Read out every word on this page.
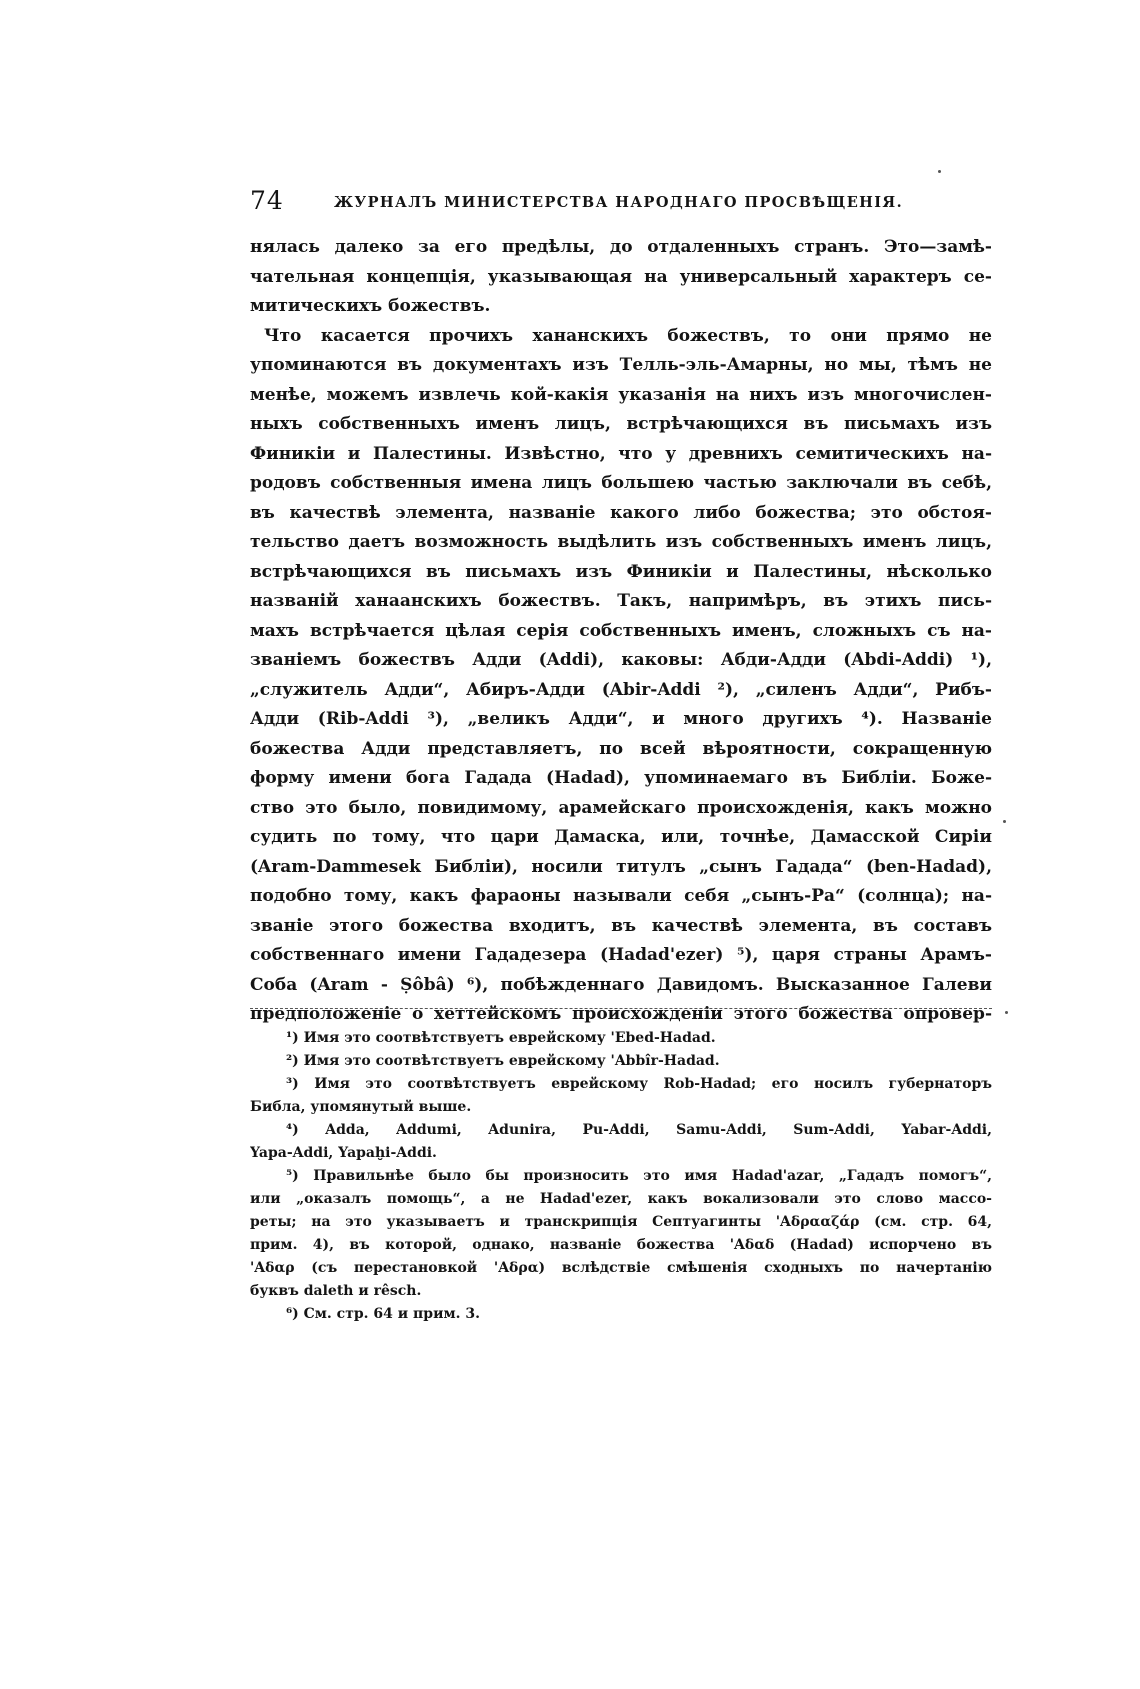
74	ЖУРНАЛЪ МИНИСТЕРСТВА НАРОДНАГО ПРОСВѢЩЕНІЯ.
нялась далеко за его предѣлы, до отдаленныхъ странъ. Это—замѣ-
чательная концепція, указывающая на универсальный характеръ се-
митическихъ божествъ.
Что касается прочихъ хананскихъ божествъ, то они прямо не
упоминаются въ документахъ изъ Телль-эль-Амарны, но мы, тѣмъ не
менѣе, можемъ извлечь кой-какія указанія на нихъ изъ многочислен-
ныхъ собственныхъ именъ лицъ, встрѣчающихся въ письмахъ изъ
Финикіи и Палестины. Извѣстно, что у древнихъ семитическихъ на-
родовъ собственныя имена лицъ большею частью заключали въ себѣ,
въ качествѣ элемента, названіе какого либо божества; это обстоя-
тельство даетъ возможность выдѣлить изъ собственныхъ именъ лицъ,
встрѣчающихся въ письмахъ изъ Финикіи и Палестины, нѣсколько
названій ханаанскихъ божествъ. Такъ, напримѣръ, въ этихъ пись-
махъ встрѣчается цѣлая серія собственныхъ именъ, сложныхъ съ на-
званіемъ божествъ Адди (Addi), каковы: Абди-Адди (Abdi-Addi) ¹),
„служитель Адди“, Абиръ-Адди (Abir-Addi ²), „силенъ Адди“, Рибъ-
Адди (Rib-Addi ³), „великъ Адди“, и много другихъ ⁴). Названіе
божества Адди представляетъ, по всей вѣроятности, сокращенную
форму имени бога Гадада (Hadad), упоминаемаго въ Библіи. Боже-
ство это было, повидимому, арамейскаго происхожденія, какъ можно
судить по тому, что цари Дамаска, или, точнѣе, Дамасской Сиріи
(Aram-Dammesek Библіи), носили титулъ „сынъ Гадада“ (ben-Hadad),
подобно тому, какъ фараоны называли себя „сынъ-Ра“ (солнца); на-
званіе этого божества входитъ, въ качествѣ элемента, въ составъ
собственнаго имени Гададезера (Hadad'ezer) ⁵), царя страны Арамъ-
Соба (Aram - Ṣôbâ) ⁶), побѣжденнаго Давидомъ. Высказанное Галеви
предположеніе о хеттейскомъ происхожденіи этого божества опровер-
¹) Имя это соотвѣтствуетъ еврейскому 'Ebed-Hadad.
²) Имя это соотвѣтствуетъ еврейскому 'Abbîr-Hadad.
³) Имя это соотвѣтствуетъ еврейскому Rob-Hadad; его носилъ губернаторъ
Библа, упомянутый выше.
⁴) Adda, Addumi, Adunira, Pu-Addi, Samu-Addi, Sum-Addi, Yabar-Addi,
Yapa-Addi, Yapaḫi-Addi.
⁵) Правильнѣе было бы произносить это имя Hadad'azar, „Гададъ помогъ“,
или „оказалъ помощь“, а не Hadad'ezer, какъ вокализовали это слово массо-
реты; на это указываетъ и транскрипція Септуагинты 'Αδρααζάρ (см. стр. 64,
прим. 4), въ которой, однако, названіе божества 'Αδαδ (Hadad) испорчено въ
'Αδαρ (съ перестановкой 'Αδρα) вслѣдствіе смѣшенія сходныхъ по начертанію
буквъ daleth и rêsch.
⁶) См. стр. 64 и прим. 3.
